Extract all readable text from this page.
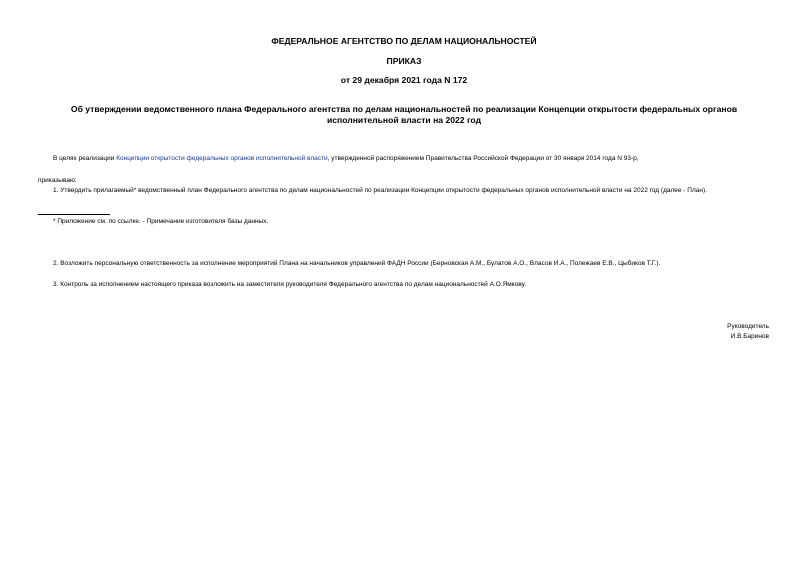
ФЕДЕРАЛЬНОЕ АГЕНТСТВО ПО ДЕЛАМ НАЦИОНАЛЬНОСТЕЙ
ПРИКАЗ
от 29 декабря 2021 года N 172
Об утверждении ведомственного плана Федерального агентства по делам национальностей по реализации Концепции открытости федеральных органов
исполнительной власти на 2022 год
В целях реализации Концепции открытости федеральных органов исполнительной власти, утвержденной распоряжением Правительства Российской Федерации от 30 января 2014 года N 93-р,
приказываю:
1. Утвердить прилагаемый* ведомственный план Федерального агентства по делам национальностей по реализации Концепции открытости федеральных органов исполнительной власти на 2022 год (далее - План).
* Приложение см. по ссылке. - Примечание изготовителя базы данных.
2. Возложить персональную ответственность за исполнение мероприятий Плана на начальников управлений ФАДН России (Берновская А.М., Булатов А.О., Власов И.А., Полежаев Е.В., Цыбиков Т.Г.).
3. Контроль за исполнением настоящего приказа возложить на заместителя руководителя Федерального агентства по делам национальностей А.О.Ямкову.
Руководитель
И.В.Баринов
